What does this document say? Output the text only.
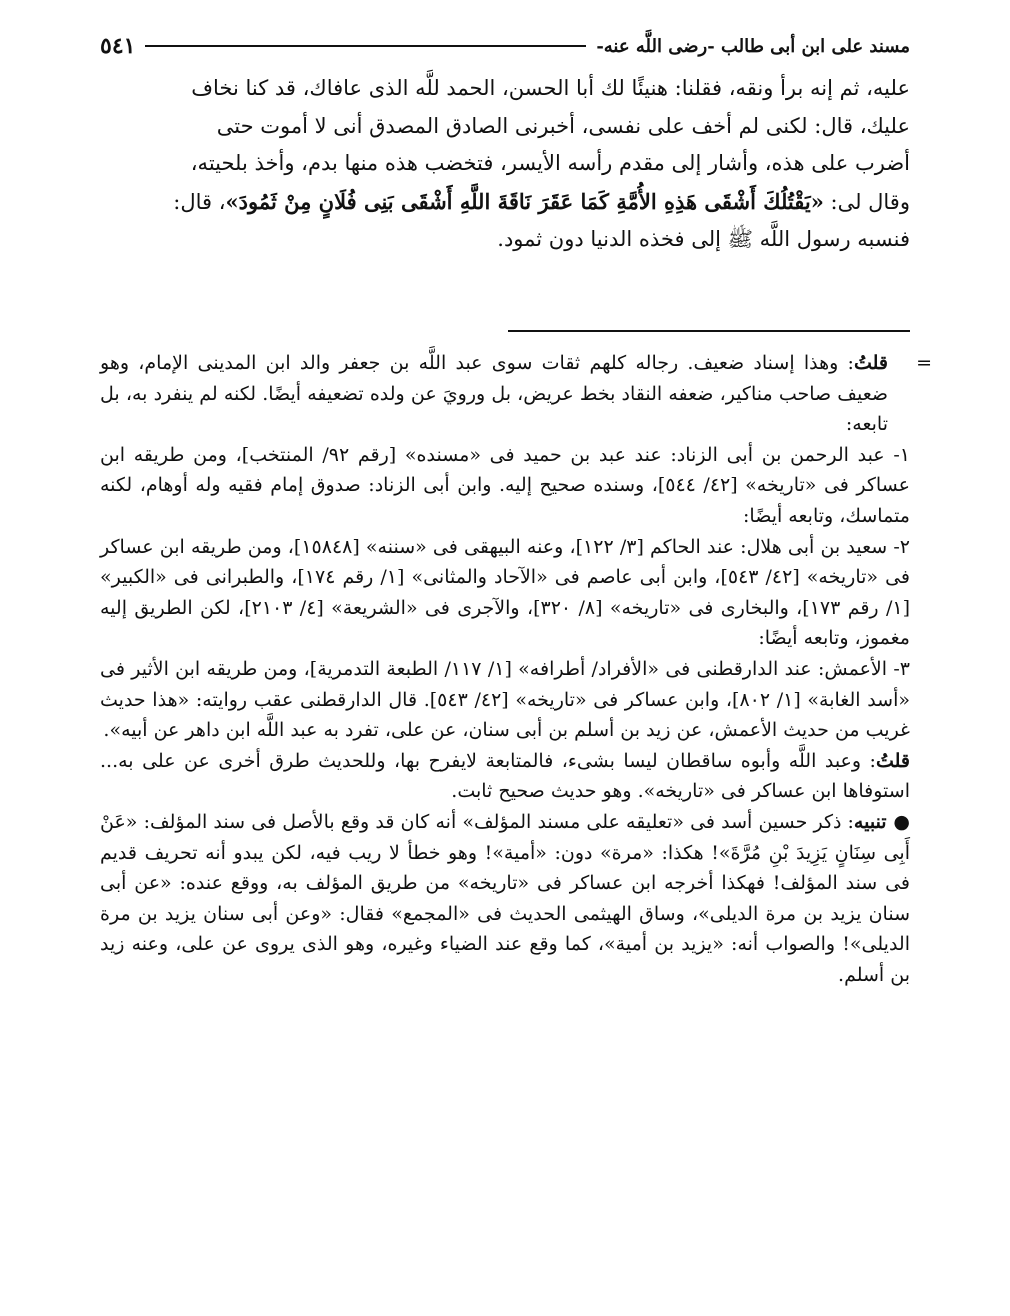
مسند على ابن أبى طالب -رضى اللَّه عنه-
٥٤١

عليه، ثم إنه برأ ونقه، فقلنا: هنيئًا لك أبا الحسن، الحمد للَّه الذى عافاك، قد كنا نخاف

عليك، قال: لكنى لم أخف على نفسى، أخبرنى الصادق المصدق أنى لا أموت حتى

أضرب على هذه، وأشار إلى مقدم رأسه الأيسر، فتخضب هذه منها بدم، وأخذ بلحيته،

وقال لى: «يَقْتُلُكَ أَشْقَى هَذِهِ الأُمَّةِ كَمَا عَقَرَ نَاقَةَ اللَّهِ أَشْقَى بَنِى فُلَانٍ مِنْ ثَمُودَ»، قال:

فنسبه رسول اللَّه ﷺ إلى فخذه الدنيا دون ثمود.

=
قلتُ: وهذا إسناد ضعيف. رجاله كلهم ثقات سوى عبد اللَّه بن جعفر والد ابن المدينى الإمام، وهو ضعيف صاحب مناكير، ضعفه النقاد بخط عريض، بل ورويَ عن ولده تضعيفه أيضًا. لكنه لم ينفرد به، بل تابعه:

١- عبد الرحمن بن أبى الزناد: عند عبد بن حميد فى «مسنده» [رقم ٩٢/ المنتخب]، ومن طريقه ابن عساكر فى «تاريخه» [٤٢/ ٥٤٤]، وسنده صحيح إليه. وابن أبى الزناد: صدوق إمام فقيه وله أوهام، لكنه متماسك، وتابعه أيضًا:

٢- سعيد بن أبى هلال: عند الحاكم [٣/ ١٢٢]، وعنه البيهقى فى «سننه» [١٥٨٤٨]، ومن طريقه ابن عساكر فى «تاريخه» [٤٢/ ٥٤٣]، وابن أبى عاصم فى «الآحاد والمثانى» [١/ رقم ١٧٤]، والطبرانى فى «الكبير» [١/ رقم ١٧٣]، والبخارى فى «تاريخه» [٨/ ٣٢٠]، والآجرى فى «الشريعة» [٤/ ٢١٠٣]، لكن الطريق إليه مغموز، وتابعه أيضًا:

٣- الأعمش: عند الدارقطنى فى «الأفراد/ أطرافه» [١/ ١١٧/ الطبعة التدمرية]، ومن طريقه ابن الأثير فى «أسد الغابة» [١/ ٨٠٢]، وابن عساكر فى «تاريخه» [٤٢/ ٥٤٣]. قال الدارقطنى عقب روايته: «هذا حديث غريب من حديث الأعمش، عن زيد بن أسلم بن أبى سنان، عن على، تفرد به عبد اللَّه ابن داهر عن أبيه».

قلتُ: وعبد اللَّه وأبوه ساقطان ليسا بشىء، فالمتابعة لايفرح بها، وللحديث طرق أخرى عن على به... استوفاها ابن عساكر فى «تاريخه». وهو حديث صحيح ثابت.

● تنبيه: ذكر حسين أسد فى «تعليقه على مسند المؤلف» أنه كان قد وقع بالأصل فى سند المؤلف: «عَنْ أَبِى سِنَانٍ يَزِيدَ بْنِ مُرَّةَ»! هكذا: «مرة» دون: «أمية»! وهو خطأ لا ريب فيه، لكن يبدو أنه تحريف قديم فى سند المؤلف! فهكذا أخرجه ابن عساكر فى «تاريخه» من طريق المؤلف به، ووقع عنده: «عن أبى سنان يزيد بن مرة الديلى»، وساق الهيثمى الحديث فى «المجمع» فقال: «وعن أبى سنان يزيد بن مرة الديلى»! والصواب أنه: «يزيد بن أمية»، كما وقع عند الضياء وغيره، وهو الذى يروى عن على، وعنه زيد بن أسلم.
